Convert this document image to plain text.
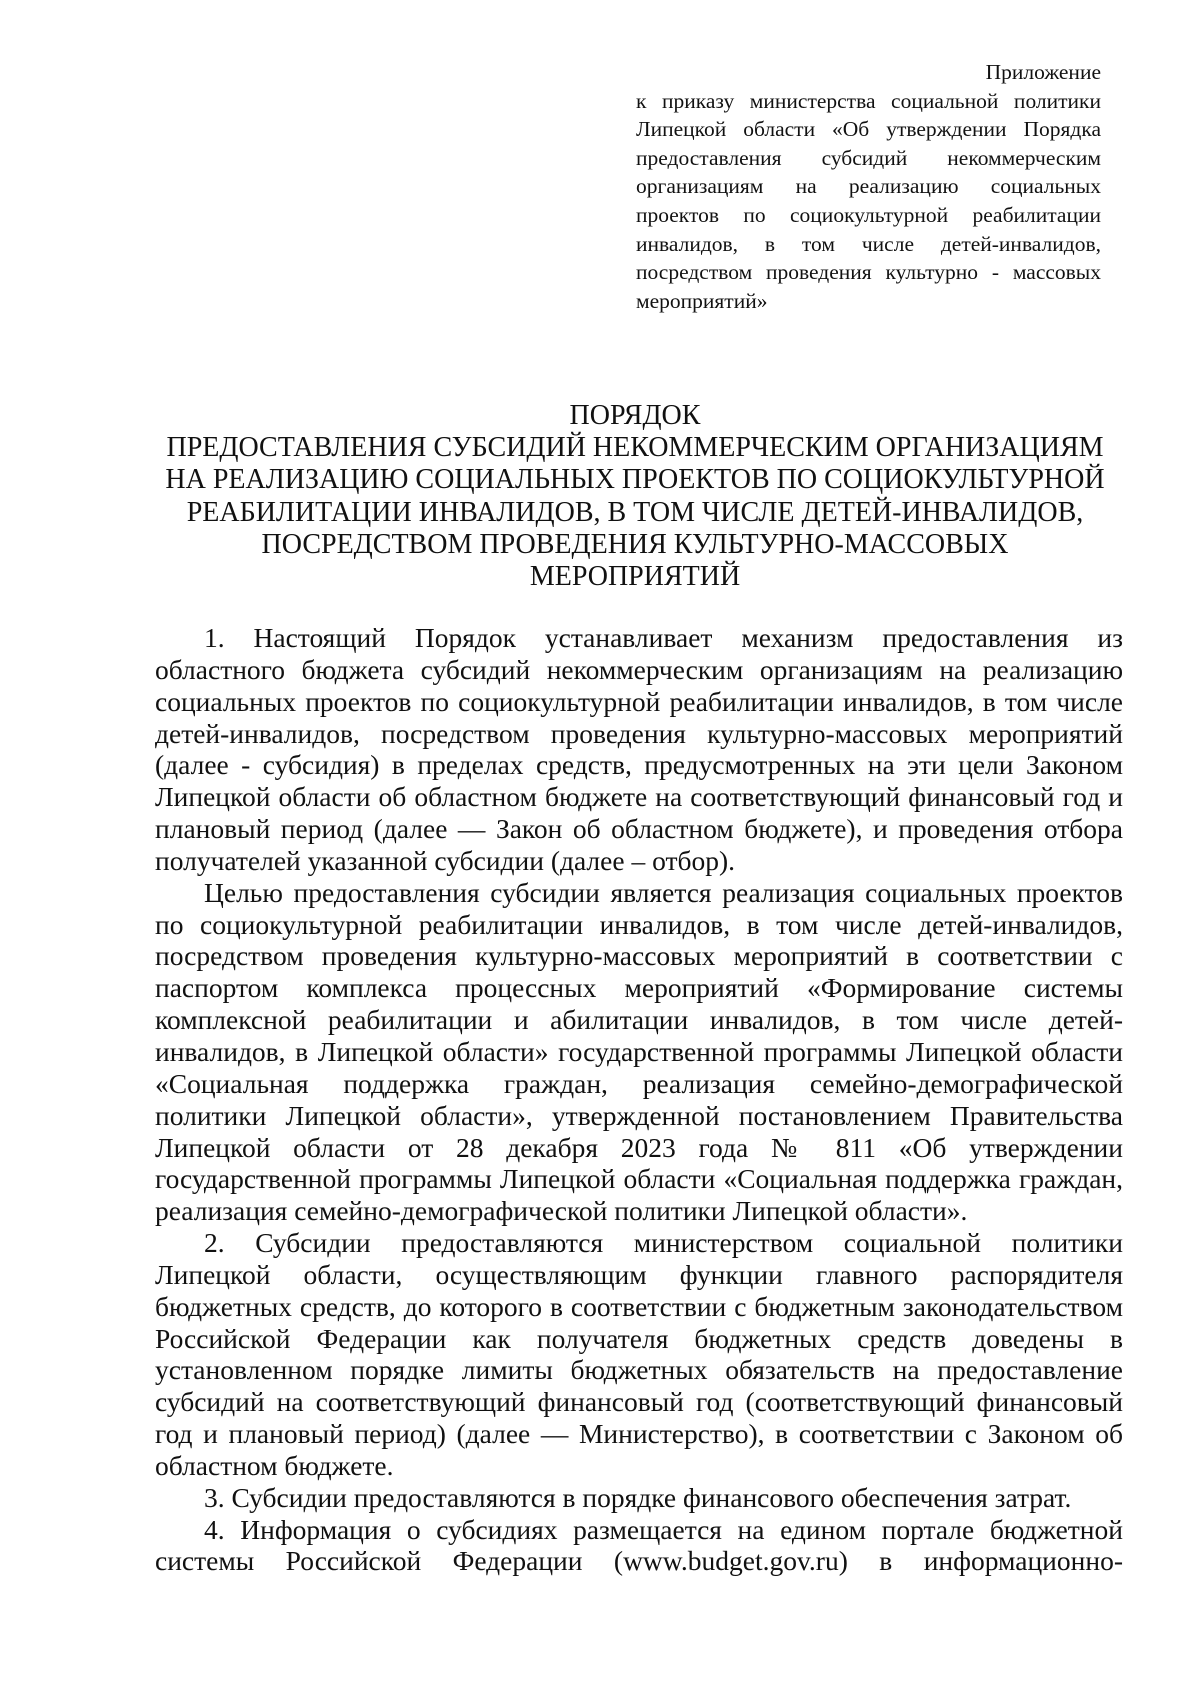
Приложение
к приказу министерства социальной политики Липецкой области «Об утверждении Порядка предоставления субсидий некоммерческим организациям на реализацию социальных проектов по социокультурной реабилитации инвалидов, в том числе детей-инвалидов, посредством проведения культурно - массовых мероприятий»
ПОРЯДОК
ПРЕДОСТАВЛЕНИЯ СУБСИДИЙ НЕКОММЕРЧЕСКИМ ОРГАНИЗАЦИЯМ
НА РЕАЛИЗАЦИЮ СОЦИАЛЬНЫХ ПРОЕКТОВ ПО СОЦИОКУЛЬТУРНОЙ
РЕАБИЛИТАЦИИ ИНВАЛИДОВ, В ТОМ ЧИСЛЕ ДЕТЕЙ-ИНВАЛИДОВ,
ПОСРЕДСТВОМ ПРОВЕДЕНИЯ КУЛЬТУРНО-МАССОВЫХ
МЕРОПРИЯТИЙ

1. Настоящий Порядок устанавливает механизм предоставления из областного бюджета субсидий некоммерческим организациям на реализацию социальных проектов по социокультурной реабилитации инвалидов, в том числе детей-инвалидов, посредством проведения культурно-массовых мероприятий (далее - субсидия) в пределах средств, предусмотренных на эти цели Законом Липецкой области об областном бюджете на соответствующий финансовый год и плановый период (далее — Закон об областном бюджете), и проведения отбора получателей указанной субсидии (далее – отбор).

Целью предоставления субсидии является реализация социальных проектов по социокультурной реабилитации инвалидов, в том числе детей-инвалидов, посредством проведения культурно-массовых мероприятий в соответствии с паспортом комплекса процессных мероприятий «Формирование системы комплексной реабилитации и абилитации инвалидов, в том числе детей-инвалидов, в Липецкой области» государственной программы Липецкой области «Социальная поддержка граждан, реализация семейно-демографической политики Липецкой области», утвержденной постановлением Правительства Липецкой области от 28 декабря 2023 года № 811 «Об утверждении государственной программы Липецкой области «Социальная поддержка граждан, реализация семейно-демографической политики Липецкой области».

2. Субсидии предоставляются министерством социальной политики Липецкой области, осуществляющим функции главного распорядителя бюджетных средств, до которого в соответствии с бюджетным законодательством Российской Федерации как получателя бюджетных средств доведены в установленном порядке лимиты бюджетных обязательств на предоставление субсидий на соответствующий финансовый год (соответствующий финансовый год и плановый период) (далее — Министерство), в соответствии с Законом об областном бюджете.

3. Субсидии предоставляются в порядке финансового обеспечения затрат.

4. Информация о субсидиях размещается на едином портале бюджетной системы Российской Федерации (www.budget.gov.ru) в информационно-
